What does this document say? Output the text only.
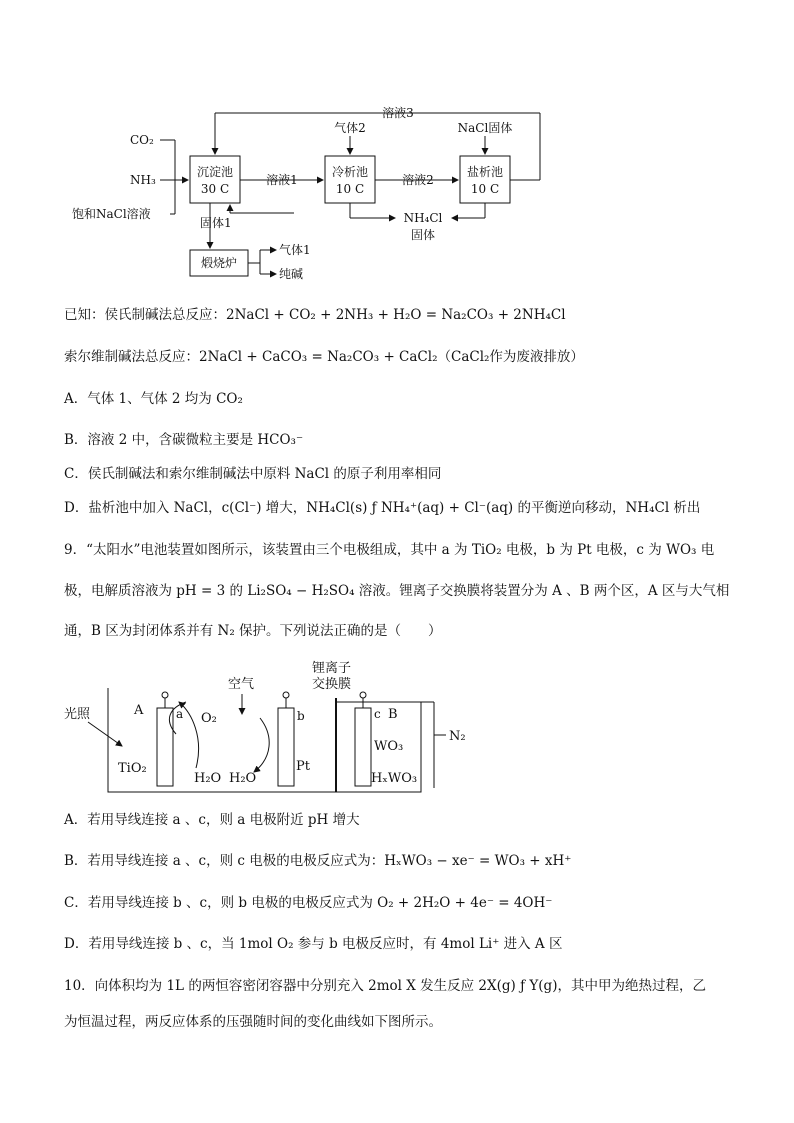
CO₂
NH₃
饱和NaCl溶液
沉淀池
30 C
冷析池
10 C
盐析池
10 C
溶液1	溶液2
溶液3
气体2	NaCl固体
固体1
煅烧炉
气体1
纯碱
NH₄Cl
固体
已知：侯氏制碱法总反应：2NaCl + CO₂ + 2NH₃ + H₂O = Na₂CO₃ + 2NH₄Cl
索尔维制碱法总反应：2NaCl + CaCO₃ = Na₂CO₃ + CaCl₂（CaCl₂作为废液排放）
A．气体 1、气体 2 均为 CO₂
B．溶液 2 中，含碳微粒主要是 HCO₃⁻
C．侯氏制碱法和索尔维制碱法中原料 NaCl 的原子利用率相同
D．盐析池中加入 NaCl，c(Cl⁻) 增大，NH₄Cl(s) ƒ NH₄⁺(aq) + Cl⁻(aq) 的平衡逆向移动，NH₄Cl 析出
9．“太阳水”电池装置如图所示，该装置由三个电极组成，其中 a 为 TiO₂ 电极，b 为 Pt 电极，c 为 WO₃ 电
极，电解质溶液为 pH = 3 的 Li₂SO₄ − H₂SO₄ 溶液。锂离子交换膜将装置分为 A 、B 两个区，A 区与大气相
通，B 区为封闭体系并有 N₂ 保护。下列说法正确的是（　　）
光照	A	a O₂
TiO₂
H₂O
空气
H₂O
b
Pt
锂离子
交换膜
c B
WO₃
HₓWO₃
N₂
A．若用导线连接 a 、c，则 a 电极附近 pH 增大
B．若用导线连接 a 、c，则 c 电极的电极反应式为：HₓWO₃ − xe⁻ = WO₃ + xH⁺
C．若用导线连接 b 、c，则 b 电极的电极反应式为 O₂ + 2H₂O + 4e⁻ = 4OH⁻
D．若用导线连接 b 、c，当 1mol O₂ 参与 b 电极反应时，有 4mol Li⁺ 进入 A 区
10．向体积均为 1L 的两恒容密闭容器中分别充入 2mol X 发生反应 2X(g) ƒ Y(g)，其中甲为绝热过程，乙
为恒温过程，两反应体系的压强随时间的变化曲线如下图所示。
